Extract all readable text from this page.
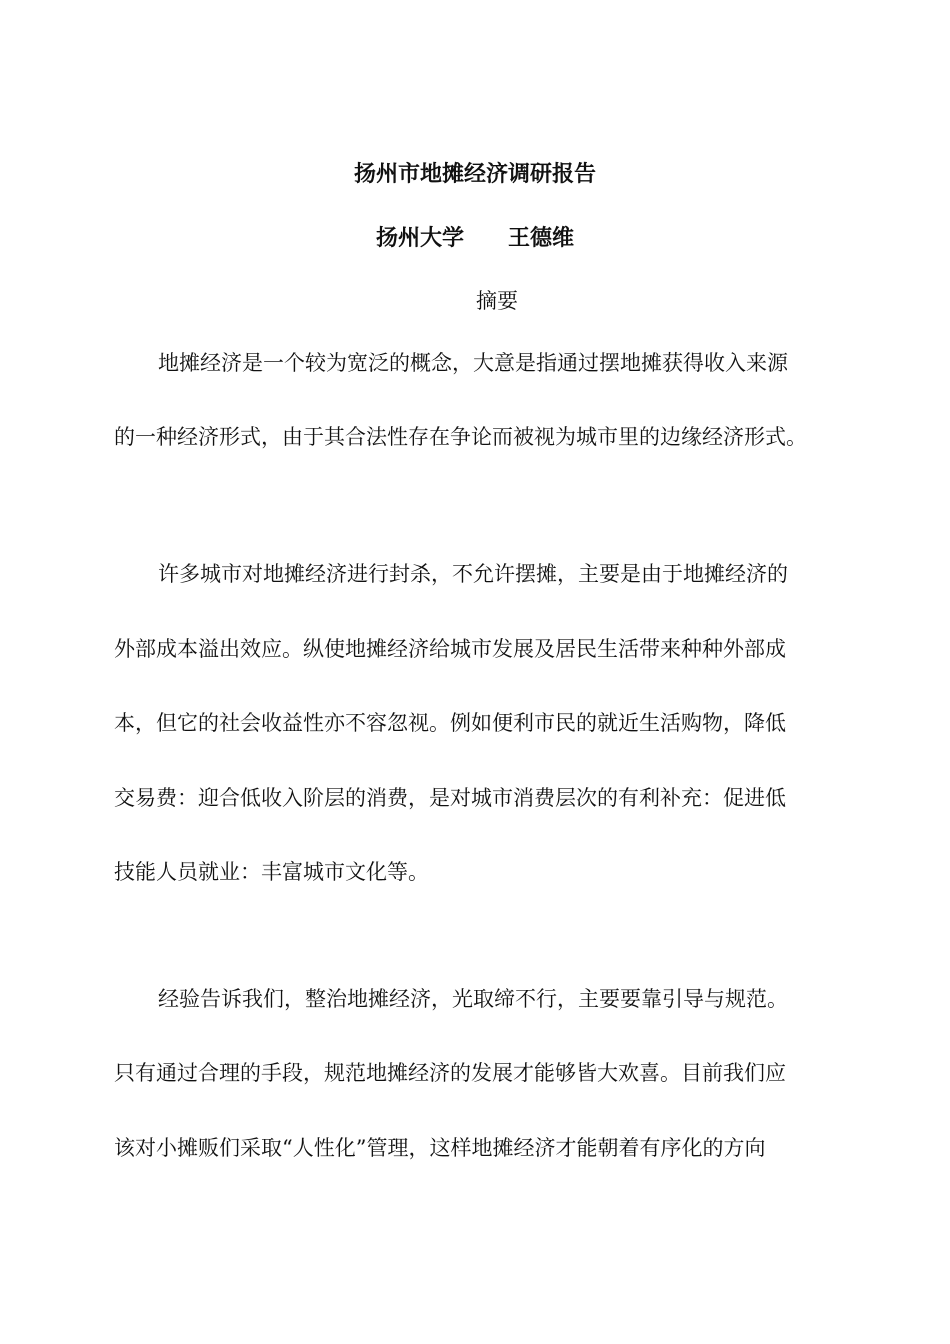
扬州市地摊经济调研报告
扬州大学 王德维
摘要
地摊经济是一个较为宽泛的概念，大意是指通过摆地摊获得收入来源
的一种经济形式，由于其合法性存在争论而被视为城市里的边缘经济形式。
许多城市对地摊经济进行封杀，不允许摆摊，主要是由于地摊经济的
外部成本溢出效应。纵使地摊经济给城市发展及居民生活带来种种外部成
本，但它的社会收益性亦不容忽视。例如便利市民的就近生活购物，降低
交易费：迎合低收入阶层的消费，是对城市消费层次的有利补充：促进低
技能人员就业：丰富城市文化等。
经验告诉我们，整治地摊经济，光取缔不行，主要要靠引导与规范。
只有通过合理的手段，规范地摊经济的发展才能够皆大欢喜。目前我们应
该对小摊贩们采取“人性化”管理，这样地摊经济才能朝着有序化的方向
